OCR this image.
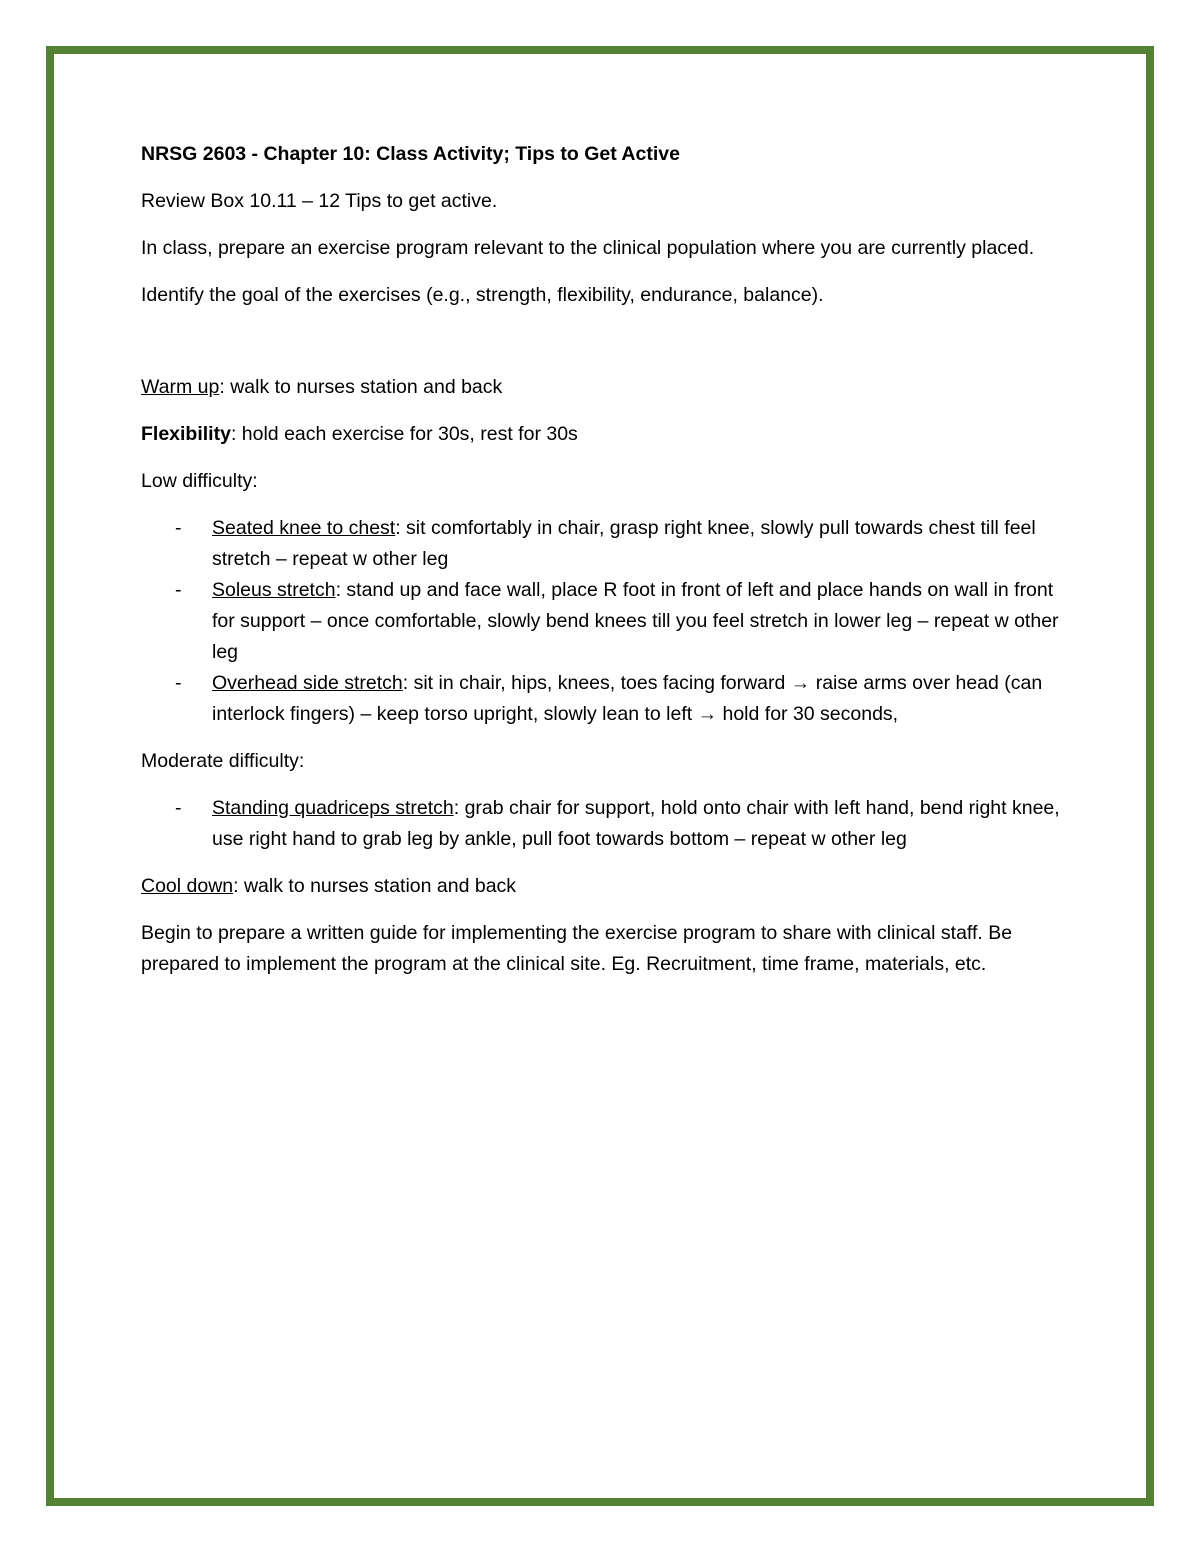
NRSG 2603 - Chapter 10: Class Activity; Tips to Get Active

Review Box 10.11 – 12 Tips to get active.

In class, prepare an exercise program relevant to the clinical population where you are currently placed.

Identify the goal of the exercises (e.g., strength, flexibility, endurance, balance).

Warm up: walk to nurses station and back

Flexibility: hold each exercise for 30s, rest for 30s

Low difficulty:

- Seated knee to chest: sit comfortably in chair, grasp right knee, slowly pull towards chest till feel stretch – repeat w other leg
- Soleus stretch: stand up and face wall, place R foot in front of left and place hands on wall in front for support – once comfortable, slowly bend knees till you feel stretch in lower leg – repeat w other leg
- Overhead side stretch: sit in chair, hips, knees, toes facing forward → raise arms over head (can interlock fingers) – keep torso upright, slowly lean to left → hold for 30 seconds,

Moderate difficulty:

- Standing quadriceps stretch: grab chair for support, hold onto chair with left hand, bend right knee, use right hand to grab leg by ankle, pull foot towards bottom – repeat w other leg

Cool down: walk to nurses station and back

Begin to prepare a written guide for implementing the exercise program to share with clinical staff. Be prepared to implement the program at the clinical site. Eg. Recruitment, time frame, materials, etc.
